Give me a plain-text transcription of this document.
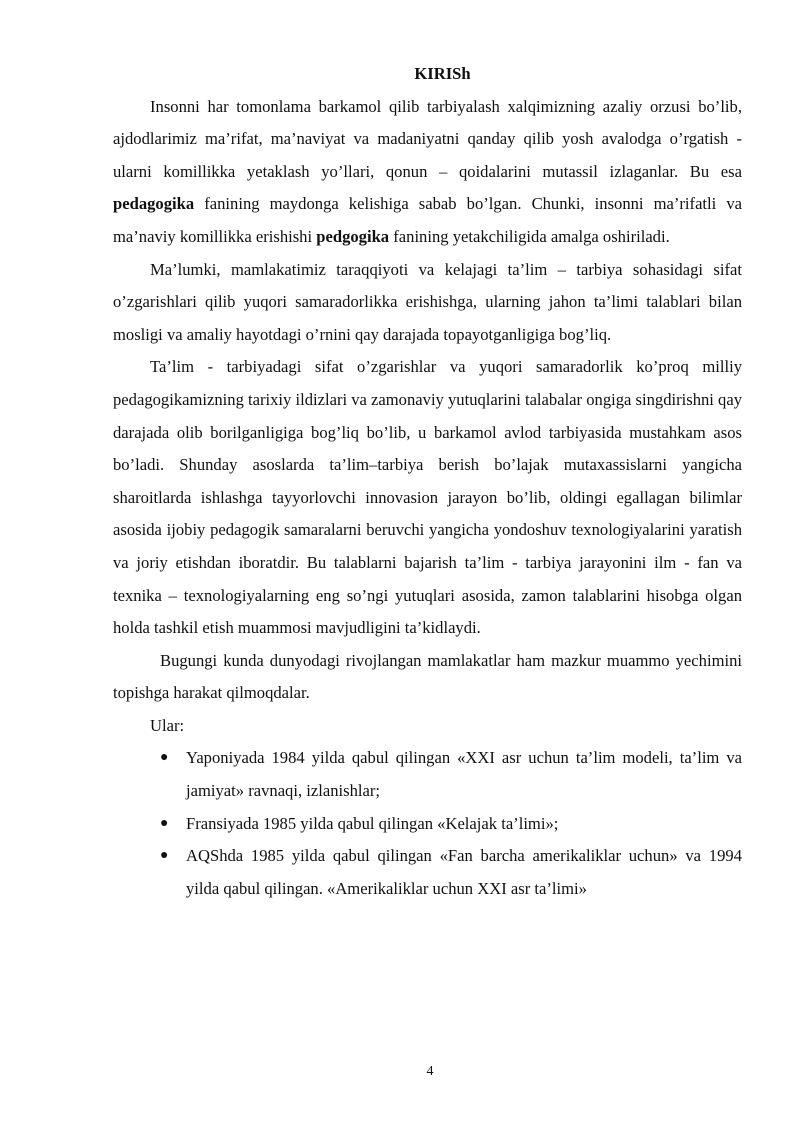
KIRISh

Insonni har tomonlama barkamol qilib tarbiyalash xalqimizning azaliy orzusi bo’lib, ajdodlarimiz ma’rifat, ma’naviyat va madaniyatni qanday qilib yosh avalodga o’rgatish - ularni komillikka yetaklash yo’llari, qonun – qoidalarini mutassil izlaganlar. Bu esa pedagogika fanining maydonga kelishiga sabab bo’lgan. Chunki, insonni ma’rifatli va ma’naviy komillikka erishishi pedgogika fanining yetakchiligida amalga oshiriladi.

Ma’lumki, mamlakatimiz taraqqiyoti va kelajagi ta’lim – tarbiya sohasidagi sifat o’zgarishlari qilib yuqori samaradorlikka erishishga, ularning jahon ta’limi talablari bilan mosligi va amaliy hayotdagi o’rnini qay darajada topayotganligiga bog’liq.

Ta’lim - tarbiyadagi sifat o’zgarishlar va yuqori samaradorlik ko’proq milliy pedagogikamizning tarixiy ildizlari va zamonaviy yutuqlarini talabalar ongiga singdirishni qay darajada olib borilganligiga bog’liq bo’lib, u barkamol avlod tarbiyasida mustahkam asos bo’ladi. Shunday asoslarda ta’lim–tarbiya berish bo’lajak mutaxassislarni yangicha sharoitlarda ishlashga tayyorlovchi innovasion jarayon bo’lib, oldingi egallagan bilimlar asosida ijobiy pedagogik samaralarni beruvchi yangicha yondoshuv texnologiyalarini yaratish va joriy etishdan iboratdir. Bu talablarni bajarish ta’lim - tarbiya jarayonini ilm - fan va texnika – texnologiyalarning eng so’ngi yutuqlari asosida, zamon talablarini hisobga olgan holda tashkil etish muammosi mavjudligini ta’kidlaydi.

Bugungi kunda dunyodagi rivojlangan mamlakatlar ham mazkur muammo yechimini topishga harakat qilmoqdalar.

Ular:

● Yaponiyada 1984 yilda qabul qilingan «XXI asr uchun ta’lim modeli, ta’lim va jamiyat» ravnaqi, izlanishlar;
● Fransiyada 1985 yilda qabul qilingan «Kelajak ta’limi»;
● AQShda 1985 yilda qabul qilingan «Fan barcha amerikaliklar uchun» va 1994 yilda qabul qilingan. «Amerikaliklar uchun XXI asr ta’limi»
4
